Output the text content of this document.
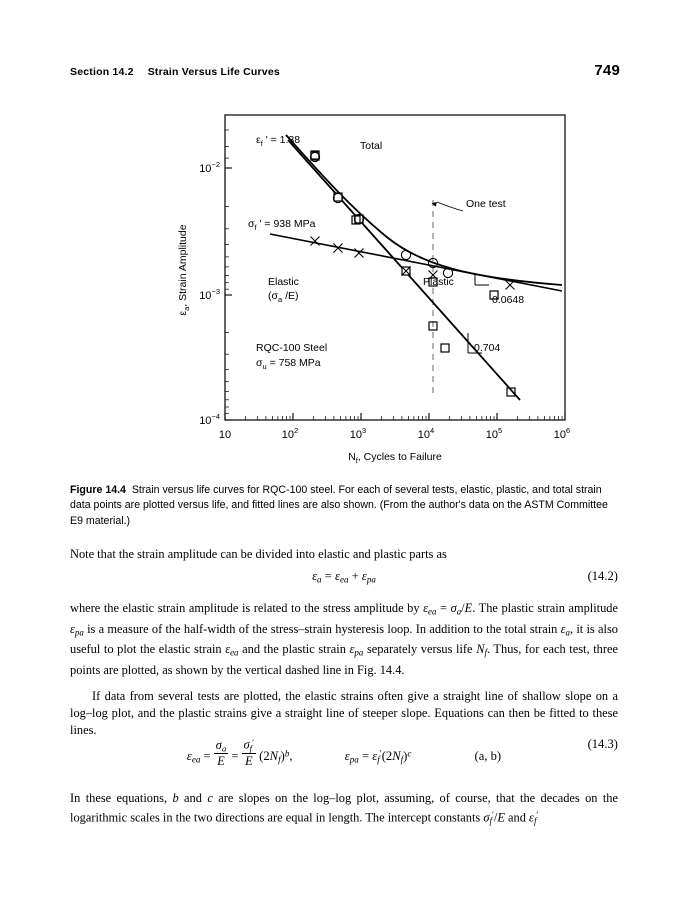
Section 14.2 Strain Versus Life Curves	749
10	$10^2$	$10^3$	$10^4$	$10^5$	$10^6$
$10^{-2}$
$10^{-3}$
$10^{-4}$
$\varepsilon_a$, Strain Amplitude
$N_f$, Cycles to Failure
$\varepsilon_f$ ' = 1.38	Total
One test
$\sigma_f$ ' = 938 MPa
Elastic
($\sigma_a$ /E)
Plastic
0.0648
0.704
RQC-100 Steel
$\sigma_u = 758$ MPa
Figure 14.4 Strain versus life curves for RQC-100 steel. For each of several tests, elastic, plastic, and total strain data points are plotted versus life, and fitted lines are also shown. (From the author's data on the ASTM Committee E9 material.)
Note that the strain amplitude can be divided into elastic and plastic parts as
$\varepsilon_a = \varepsilon_{ea} + \varepsilon_{pa}$	(14.2)
where the elastic strain amplitude is related to the stress amplitude by $\varepsilon_{ea} = \sigma_a/E$. The plastic strain amplitude $\varepsilon_{pa}$ is a measure of the half-width of the stress–strain hysteresis loop. In addition to the total strain $\varepsilon_a$, it is also useful to plot the elastic strain $\varepsilon_{ea}$ and the plastic strain $\varepsilon_{pa}$ separately versus life $N_f$. Thus, for each test, three points are plotted, as shown by the vertical dashed line in Fig. 14.4.
If data from several tests are plotted, the elastic strains often give a straight line of shallow slope on a log–log plot, and the plastic strains give a straight line of steeper slope. Equations can then be fitted to these lines.
$\varepsilon_{ea} = \frac{\sigma_a}{E} = \frac{\sigma_f'}{E} (2N_f)^b$,	$\varepsilon_{pa} = \varepsilon_f'(2N_f)^c$	(a, b)
(14.3)
In these equations, b and c are slopes on the log–log plot, assuming, of course, that the decades on the logarithmic scales in the two directions are equal in length. The intercept constants $\sigma_f'/E$ and $\varepsilon_f'$
